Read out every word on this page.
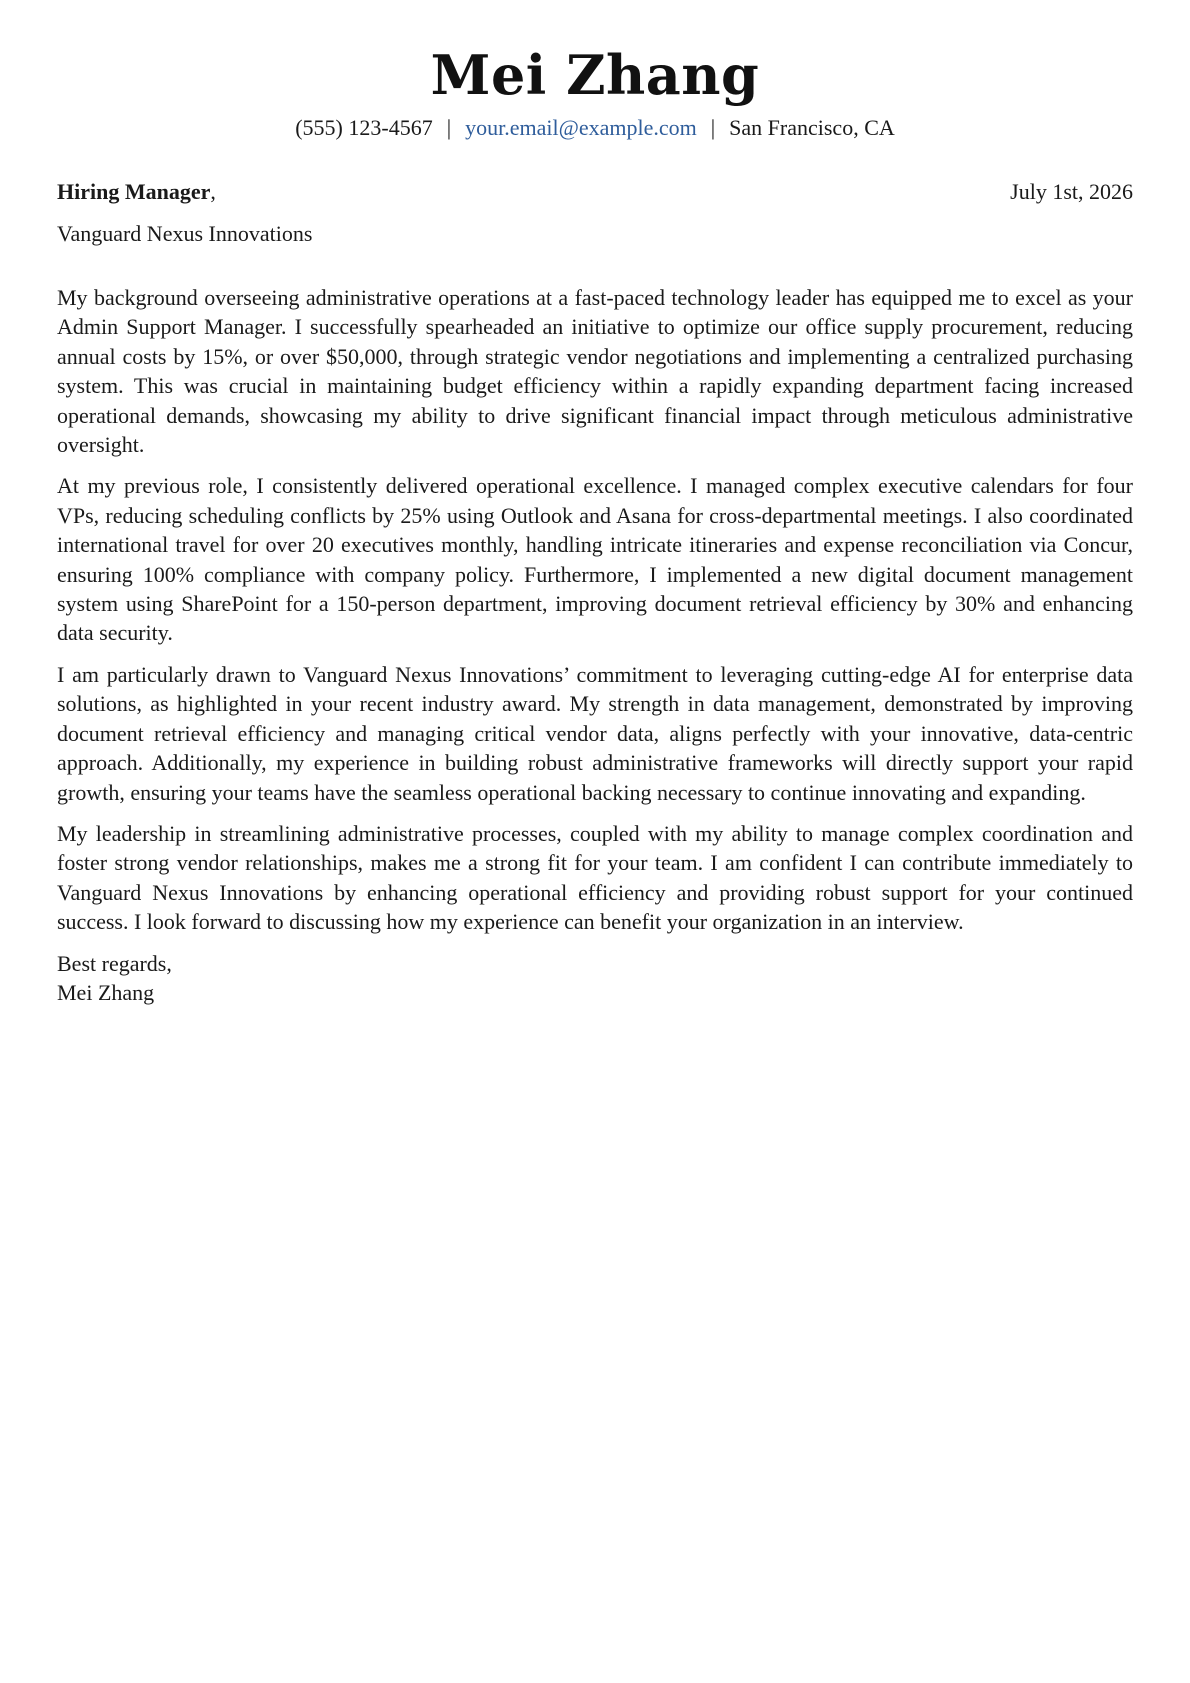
Mei Zhang
(555) 123-4567 | your.email@example.com | San Francisco, CA
Hiring Manager,	July 1st, 2026
Vanguard Nexus Innovations

My background overseeing administrative operations at a fast-paced technology leader has equipped me to excel as your Admin Support Manager. I successfully spearheaded an initiative to optimize our office supply procurement, reducing annual costs by 15%, or over $50,000, through strategic vendor negotiations and implementing a centralized purchasing system. This was crucial in maintaining budget efficiency within a rapidly expanding department facing increased operational demands, showcasing my ability to drive significant financial impact through meticulous administrative oversight.

At my previous role, I consistently delivered operational excellence. I managed complex executive calendars for four VPs, reducing scheduling conflicts by 25% using Outlook and Asana for cross-departmental meetings. I also coordinated international travel for over 20 executives monthly, handling intricate itineraries and expense reconciliation via Concur, ensuring 100% compliance with company policy. Furthermore, I implemented a new digital document management system using SharePoint for a 150-person department, improving document retrieval efficiency by 30% and enhancing data security.

I am particularly drawn to Vanguard Nexus Innovations’ commitment to leveraging cutting-edge AI for enterprise data solutions, as highlighted in your recent industry award. My strength in data management, demonstrated by improving document retrieval efficiency and managing critical vendor data, aligns perfectly with your innovative, data-centric approach. Additionally, my experience in building robust administrative frameworks will directly support your rapid growth, ensuring your teams have the seamless operational backing necessary to continue innovating and expanding.

My leadership in streamlining administrative processes, coupled with my ability to manage complex coordination and foster strong vendor relationships, makes me a strong fit for your team. I am confident I can contribute immediately to Vanguard Nexus Innovations by enhancing operational efficiency and providing robust support for your continued success. I look forward to discussing how my experience can benefit your organization in an interview.

Best regards,
Mei Zhang
